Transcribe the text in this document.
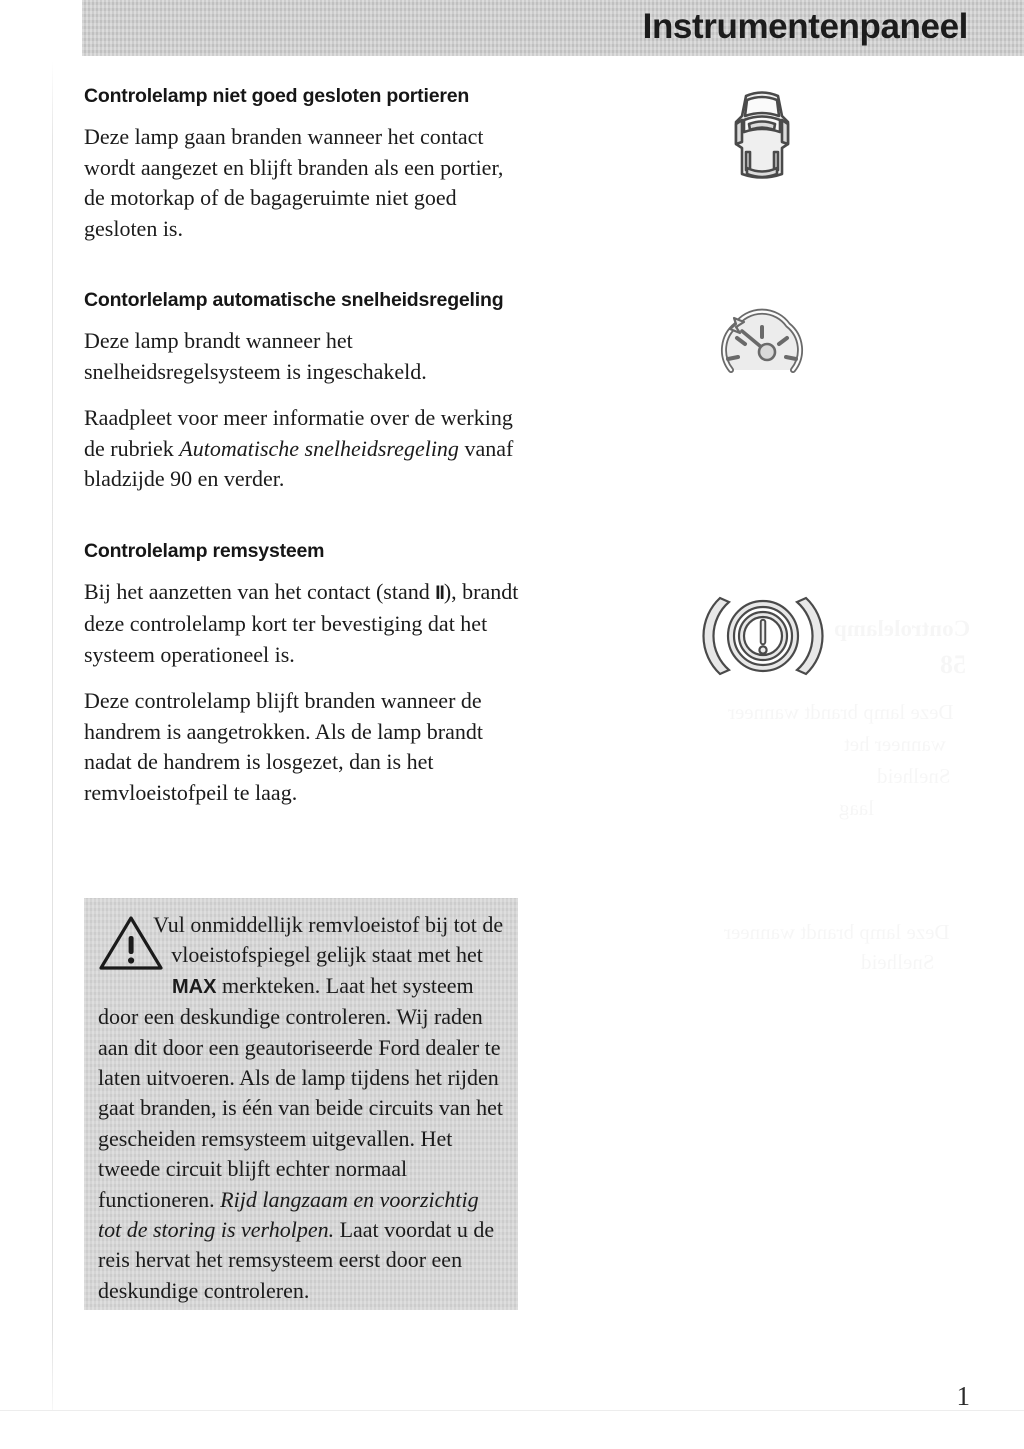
Instrumentenpaneel
Controlelamp niet goed gesloten portieren

Deze lamp gaan branden wanneer het contact wordt aangezet en blijft branden als een portier, de motorkap of de bagageruimte niet goed gesloten is.

Contorlelamp automatische snelheidsregeling

Deze lamp brandt wanneer het snelheidsregelsysteem is ingeschakeld.

Raadpleet voor meer informatie over de werking de rubriek Automatische snelheidsregeling vanaf bladzijde 90 en verder.

Controlelamp remsysteem

Bij het aanzetten van het contact (stand II), brandt deze controlelamp kort ter bevestiging dat het systeem operationeel is.

Deze controlelamp blijft branden wanneer de handrem is aangetrokken. Als de lamp brandt nadat de handrem is losgezet, dan is het remvloeistofpeil te laag.

Vul onmiddellijk remvloeistof bij tot de vloeistofspiegel gelijk staat met het MAX merkteken. Laat het systeem door een deskundige controleren. Wij raden aan dit door een geautoriseerde Ford dealer te laten uitvoeren. Als de lamp tijdens het rijden gaat branden, is één van beide circuits van het gescheiden remsysteem uitgevallen. Het tweede circuit blijft echter normaal functioneren. Rijd langzaam en voorzichtig tot de storing is verholpen. Laat voordat u de reis hervat het remsysteem eerst door een deskundige controleren.

1
